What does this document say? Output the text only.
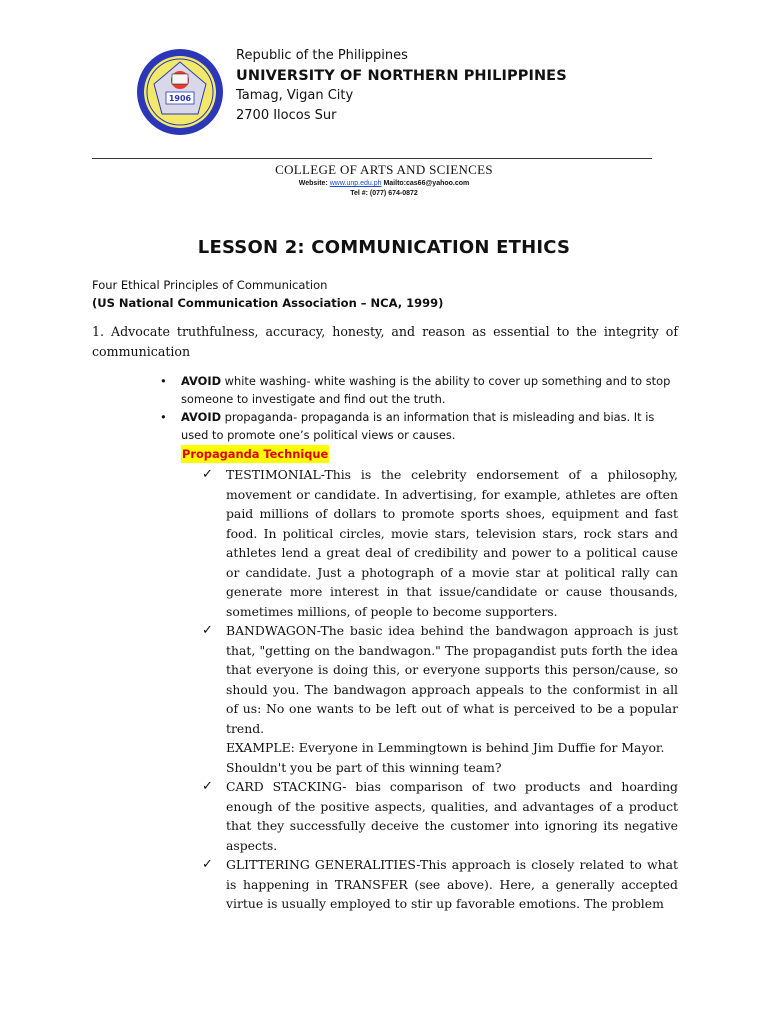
1906
Republic of the Philippines
UNIVERSITY OF NORTHERN PHILIPPINES
Tamag, Vigan City
2700 Ilocos Sur
COLLEGE OF ARTS AND SCIENCES
Website: www.unp.edu.ph Mailto:cas66@yahoo.com
Tel #: (077) 674-0872
LESSON 2: COMMUNICATION ETHICS
Four Ethical Principles of Communication
(US National Communication Association – NCA, 1999)
1. Advocate truthfulness, accuracy, honesty, and reason as essential to the integrity of communication
• AVOID white washing- white washing is the ability to cover up something and to stop someone to investigate and find out the truth.
• AVOID propaganda- propaganda is an information that is misleading and bias. It is used to promote one’s political views or causes.
Propaganda Technique
✓ TESTIMONIAL-This is the celebrity endorsement of a philosophy, movement or candidate. In advertising, for example, athletes are often paid millions of dollars to promote sports shoes, equipment and fast food. In political circles, movie stars, television stars, rock stars and athletes lend a great deal of credibility and power to a political cause or candidate. Just a photograph of a movie star at political rally can generate more interest in that issue/candidate or cause thousands, sometimes millions, of people to become supporters.

✓ BANDWAGON-The basic idea behind the bandwagon approach is just that, "getting on the bandwagon." The propagandist puts forth the idea that everyone is doing this, or everyone supports this person/cause, so should you. The bandwagon approach appeals to the conformist in all of us: No one wants to be left out of what is perceived to be a popular trend.

EXAMPLE: Everyone in Lemmingtown is behind Jim Duffie for Mayor. Shouldn't you be part of this winning team?

✓ CARD STACKING- bias comparison of two products and hoarding enough of the positive aspects, qualities, and advantages of a product that they successfully deceive the customer into ignoring its negative aspects.

✓ GLITTERING GENERALITIES-This approach is closely related to what is happening in TRANSFER (see above). Here, a generally accepted virtue is usually employed to stir up favorable emotions. The problem
